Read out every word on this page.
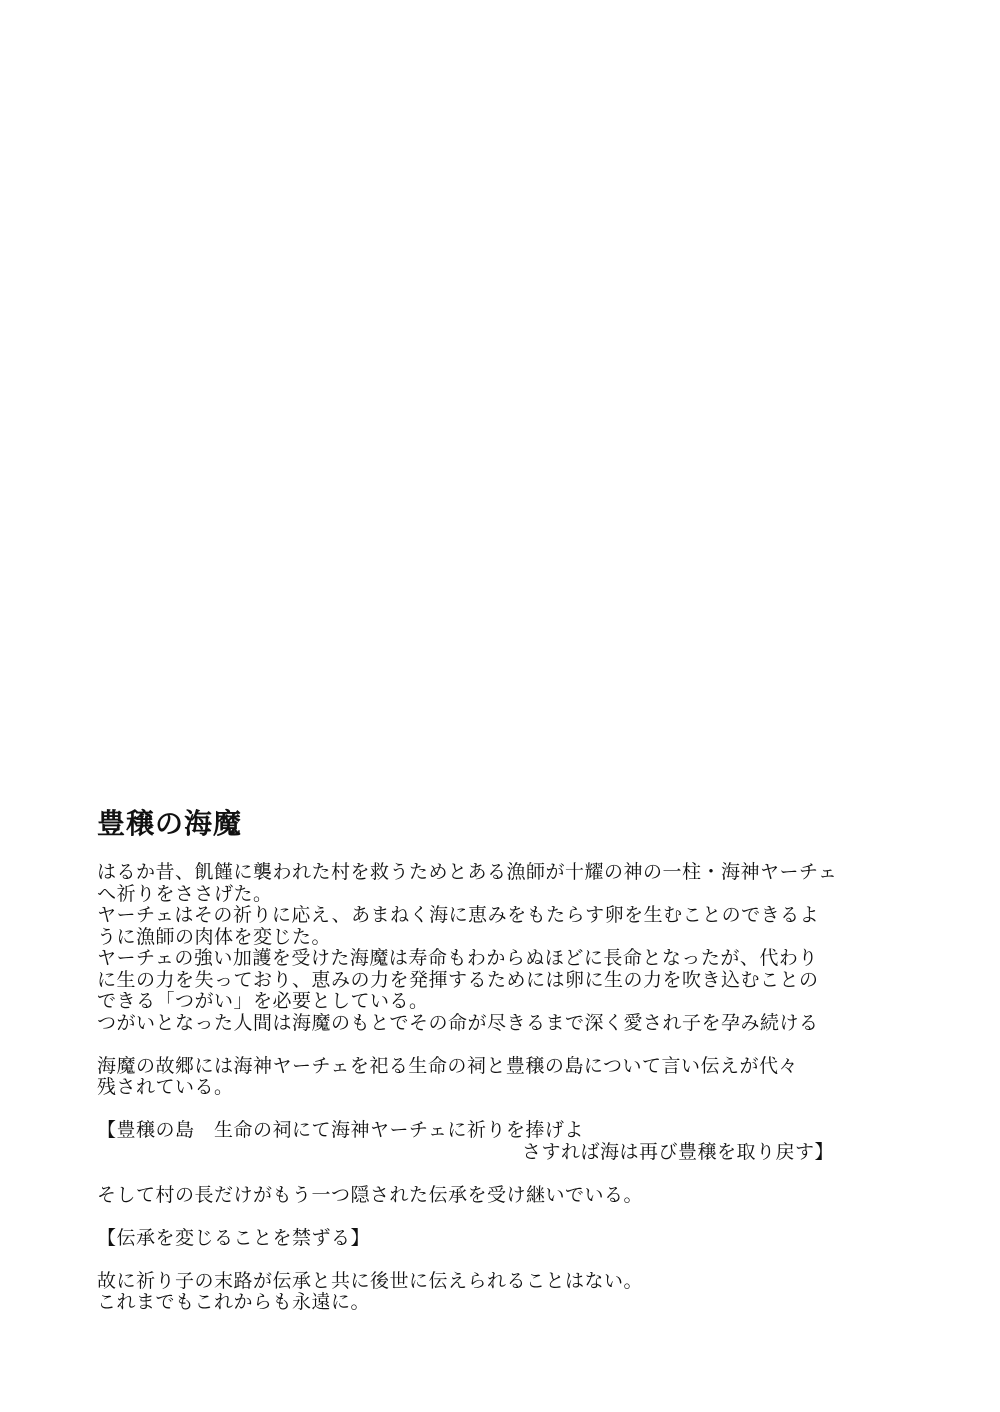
豊穣の海魔
はるか昔、飢饉に襲われた村を救うためとある漁師が十耀の神の一柱・海神ヤーチェ
へ祈りをささげた。
ヤーチェはその祈りに応え、あまねく海に恵みをもたらす卵を生むことのできるよ
うに漁師の肉体を変じた。
ヤーチェの強い加護を受けた海魔は寿命もわからぬほどに長命となったが、代わり
に生の力を失っており、恵みの力を発揮するためには卵に生の力を吹き込むことの
できる「つがい」を必要としている。
つがいとなった人間は海魔のもとでその命が尽きるまで深く愛され子を孕み続ける
海魔の故郷には海神ヤーチェを祀る生命の祠と豊穣の島について言い伝えが代々
残されている。
【豊穣の島　生命の祠にて海神ヤーチェに祈りを捧げよ
さすれば海は再び豊穣を取り戻す】
そして村の長だけがもう一つ隠された伝承を受け継いでいる。
【伝承を変じることを禁ずる】
故に祈り子の末路が伝承と共に後世に伝えられることはない。
これまでもこれからも永遠に。
